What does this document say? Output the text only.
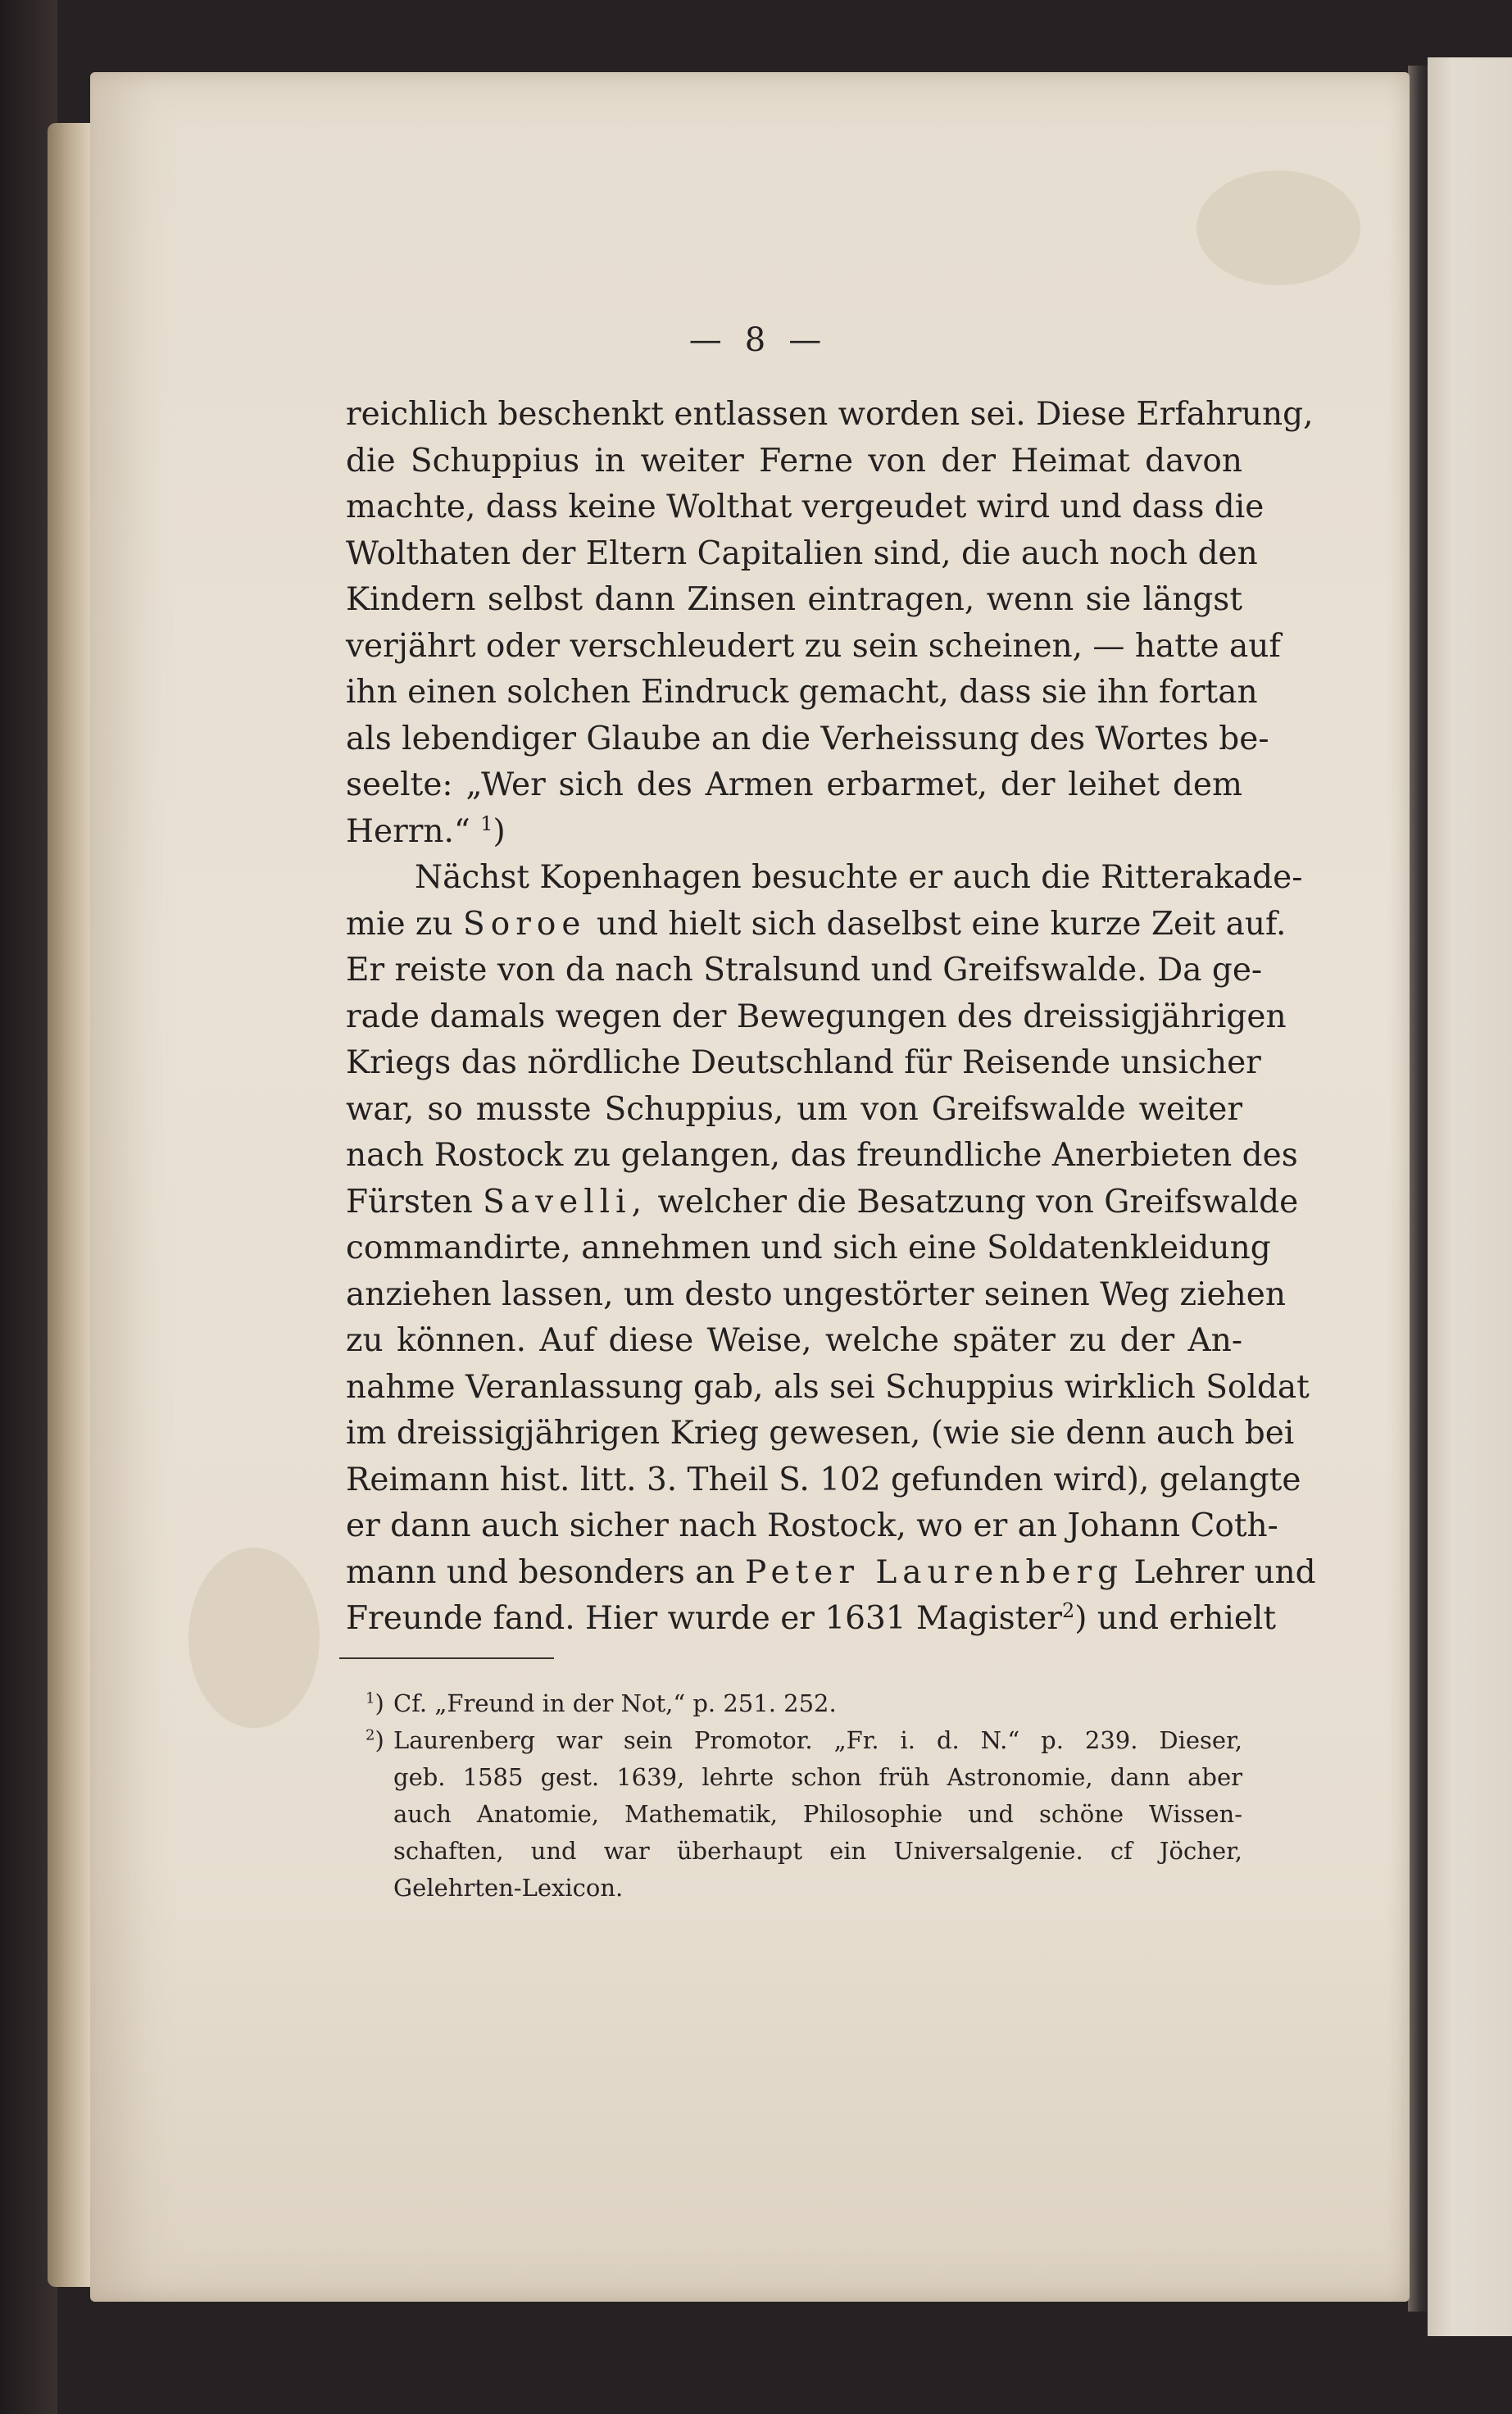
— 8 —
reichlich beschenkt entlassen worden sei. Diese Erfahrung,
die Schuppius in weiter Ferne von der Heimat davon
machte, dass keine Wolthat vergeudet wird und dass die
Wolthaten der Eltern Capitalien sind, die auch noch den
Kindern selbst dann Zinsen eintragen, wenn sie längst
verjährt oder verschleudert zu sein scheinen, — hatte auf
ihn einen solchen Eindruck gemacht, dass sie ihn fortan
als lebendiger Glaube an die Verheissung des Wortes be-
seelte: „Wer sich des Armen erbarmet, der leihet dem
Herrn.“ $^1$)
Nächst Kopenhagen besuchte er auch die Ritterakade-
mie zu Soroe und hielt sich daselbst eine kurze Zeit auf.
Er reiste von da nach Stralsund und Greifswalde. Da ge-
rade damals wegen der Bewegungen des dreissigjährigen
Kriegs das nördliche Deutschland für Reisende unsicher
war, so musste Schuppius, um von Greifswalde weiter
nach Rostock zu gelangen, das freundliche Anerbieten des
Fürsten Savelli, welcher die Besatzung von Greifswalde
commandirte, annehmen und sich eine Soldatenkleidung
anziehen lassen, um desto ungestörter seinen Weg ziehen
zu können. Auf diese Weise, welche später zu der An-
nahme Veranlassung gab, als sei Schuppius wirklich Soldat
im dreissigjährigen Krieg gewesen, (wie sie denn auch bei
Reimann hist. litt. 3. Theil S. 102 gefunden wird), gelangte
er dann auch sicher nach Rostock, wo er an Johann Coth-
mann und besonders an Peter Laurenberg Lehrer und
Freunde fand. Hier wurde er 1631 Magister$^2$) und erhielt
$^1$) Cf. „Freund in der Not,“ p. 251. 252.
$^2$) Laurenberg war sein Promotor. „Fr. i. d. N.“ p. 239. Dieser,
geb. 1585 gest. 1639, lehrte schon früh Astronomie, dann aber
auch Anatomie, Mathematik, Philosophie und schöne Wissen-
schaften, und war überhaupt ein Universalgenie. cf Jöcher,
Gelehrten-Lexicon.
